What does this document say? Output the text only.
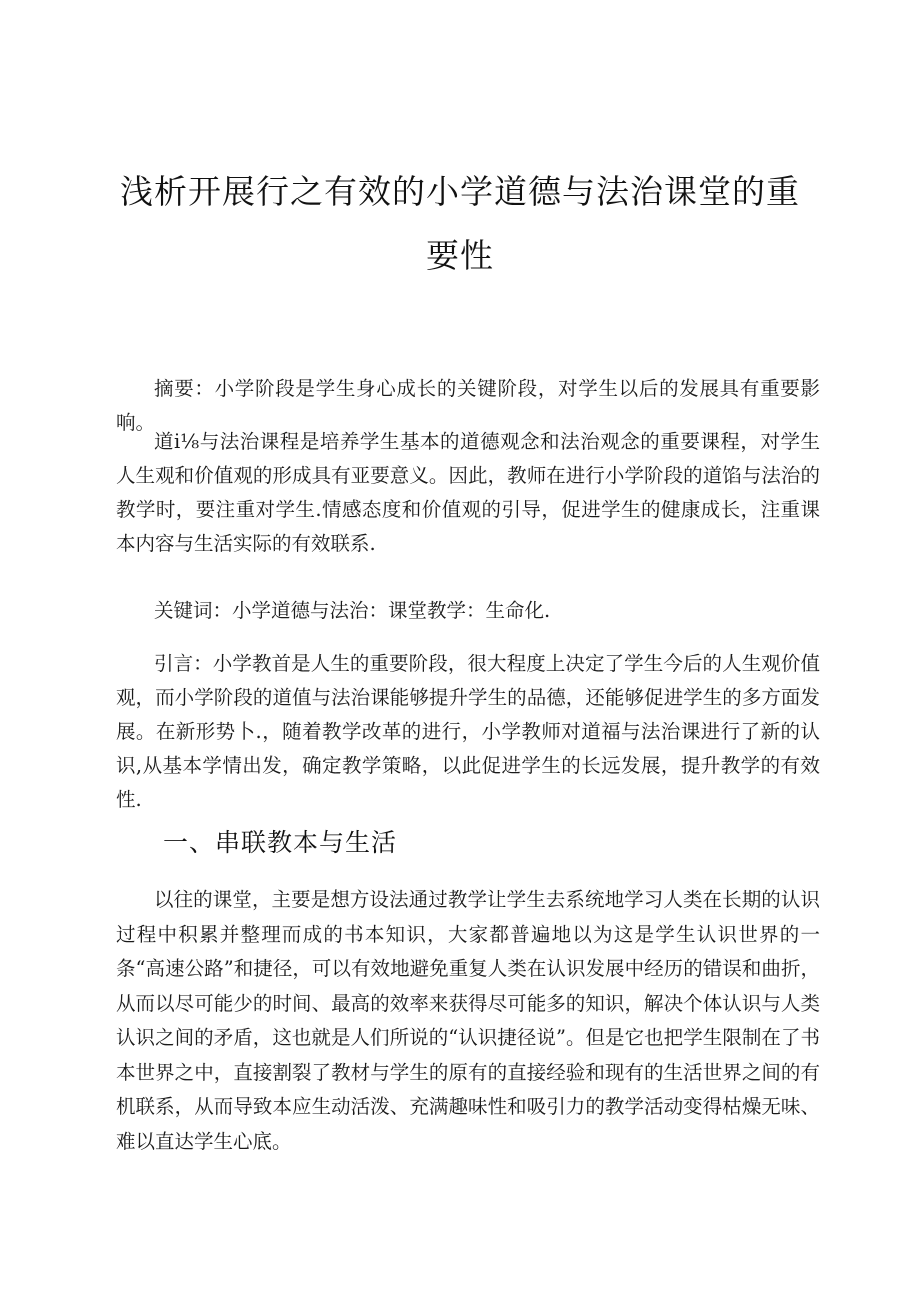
浅析开展行之有效的小学道德与法治课堂的重
要性

摘要：小学阶段是学生身心成长的关键阶段，对学生以后的发展具有重要影响。

道i⅛与法治课程是培养学生基本的道德观念和法治观念的重要课程，对学生人生观和价值观的形成具有亚要意义。因此，教师在进行小学阶段的道馅与法治的教学时，要注重对学生.情感态度和价值观的引导，促进学生的健康成长，注重课本内容与生活实际的有效联系.

关键词：小学道德与法治：课堂教学：生命化.

引言：小学教首是人生的重要阶段，很大程度上决定了学生今后的人生观价值观，而小学阶段的道值与法治课能够提升学生的品德，还能够促进学生的多方面发展。在新形势卜.，随着教学改革的进行，小学教师对道福与法治课进行了新的认识,从基本学情出发，确定教学策略，以此促进学生的长远发展，提升教学的有效性.

一、串联教本与生活

以往的课堂，主要是想方设法通过教学让学生去系统地学习人类在长期的认识过程中积累并整理而成的书本知识，大家都普遍地以为这是学生认识世界的一条“高速公路”和捷径，可以有效地避免重复人类在认识发展中经历的错误和曲折，从而以尽可能少的时间、最高的效率来获得尽可能多的知识，解决个体认识与人类认识之间的矛盾，这也就是人们所说的“认识捷径说”。但是它也把学生限制在了书本世界之中，直接割裂了教材与学生的原有的直接经验和现有的生活世界之间的有机联系，从而导致本应生动活泼、充满趣味性和吸引力的教学活动变得枯燥无味、难以直达学生心底。
